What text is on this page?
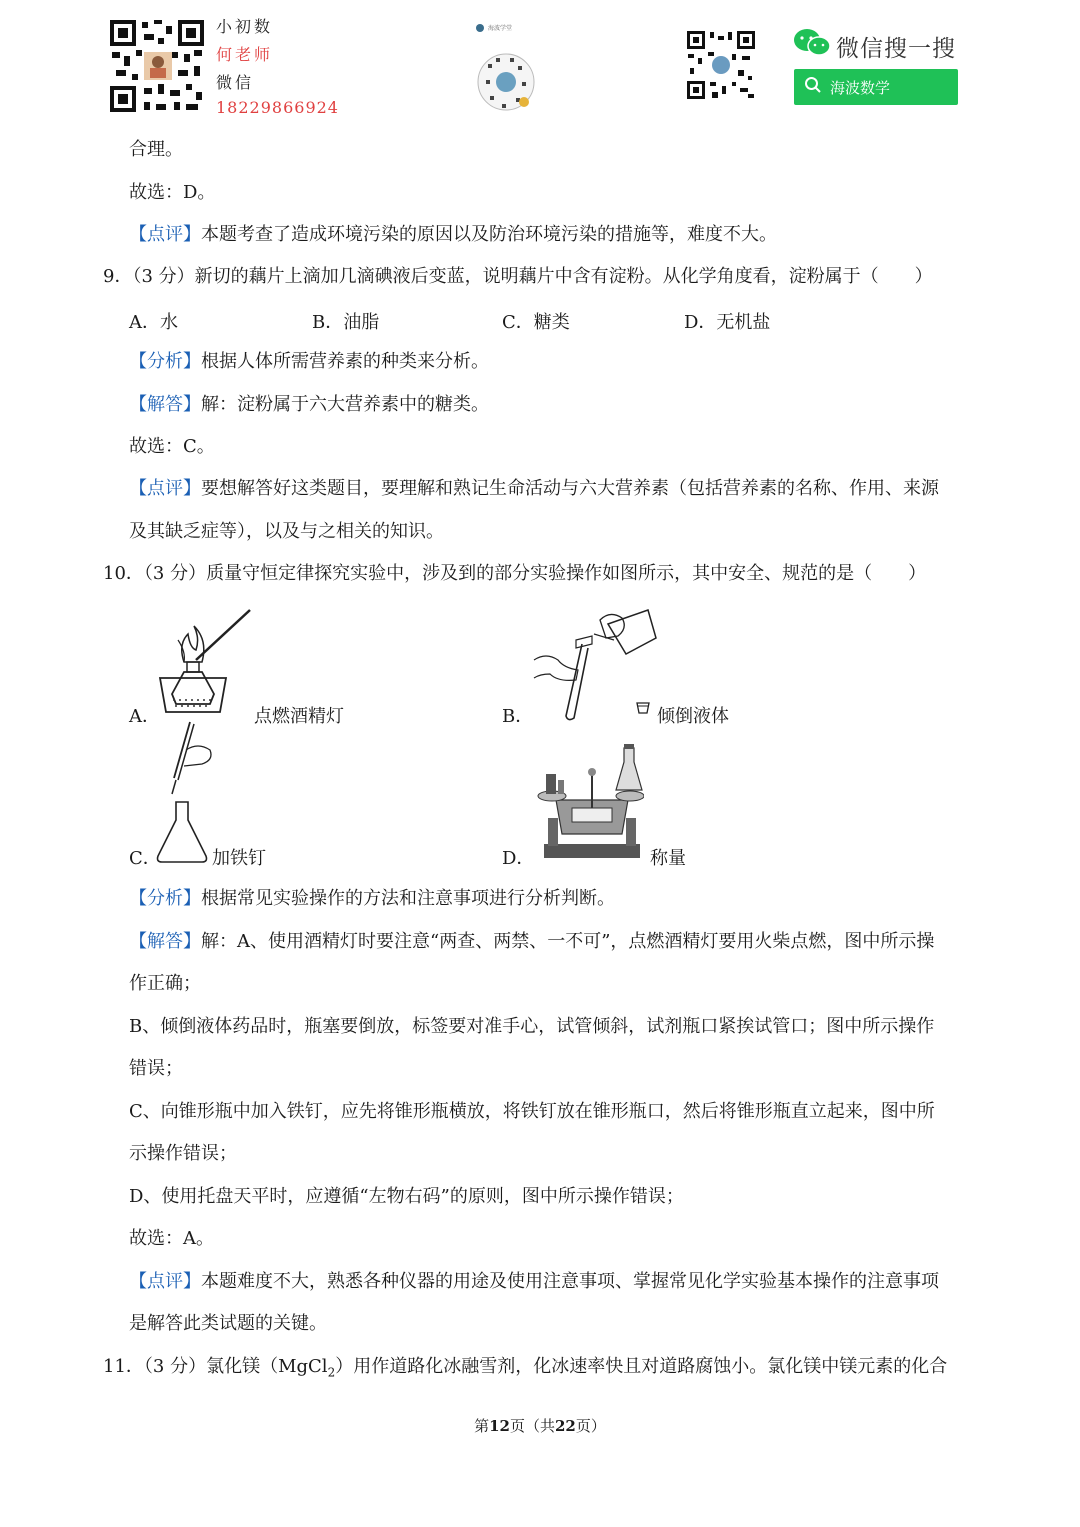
小初数
何老师
微信
18229866924
海波学堂
微信搜一搜
海波数学
合理。
故选：D。
【点评】本题考查了造成环境污染的原因以及防治环境污染的措施等，难度不大。
9．（3 分）新切的藕片上滴加几滴碘液后变蓝，说明藕片中含有淀粉。从化学角度看，淀粉属于（　　）
A．水	B．油脂	C．糖类	D．无机盐
【分析】根据人体所需营养素的种类来分析。
【解答】解：淀粉属于六大营养素中的糖类。
故选：C。
【点评】要想解答好这类题目，要理解和熟记生命活动与六大营养素（包括营养素的名称、作用、来源
及其缺乏症等），以及与之相关的知识。
10．（3 分）质量守恒定律探究实验中，涉及到的部分实验操作如图所示，其中安全、规范的是（　　）
A．	点燃酒精灯	B．	倾倒液体
C．	加铁钉	D．	称量
【分析】根据常见实验操作的方法和注意事项进行分析判断。
【解答】解：A、使用酒精灯时要注意“两查、两禁、一不可”，点燃酒精灯要用火柴点燃，图中所示操
作正确；
B、倾倒液体药品时，瓶塞要倒放，标签要对准手心，试管倾斜，试剂瓶口紧挨试管口；图中所示操作
错误；
C、向锥形瓶中加入铁钉，应先将锥形瓶横放，将铁钉放在锥形瓶口，然后将锥形瓶直立起来，图中所
示操作错误；
D、使用托盘天平时，应遵循“左物右码”的原则，图中所示操作错误；
故选：A。
【点评】本题难度不大，熟悉各种仪器的用途及使用注意事项、掌握常见化学实验基本操作的注意事项
是解答此类试题的关键。
11．（3 分）氯化镁（MgCl$_2$）用作道路化冰融雪剂，化冰速率快且对道路腐蚀小。氯化镁中镁元素的化合
第12页（共22页）
